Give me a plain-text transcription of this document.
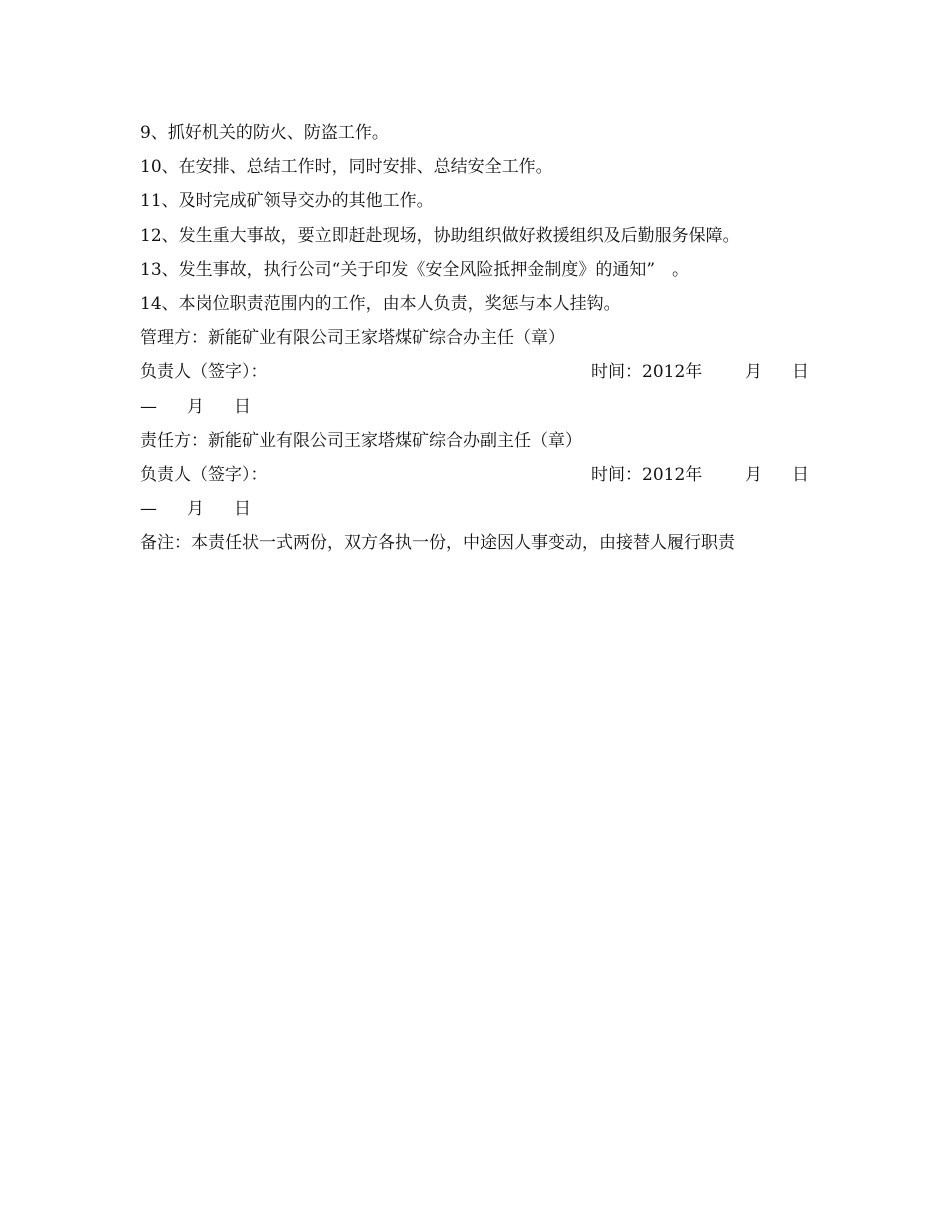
9、抓好机关的防火、防盗工作。
10、在安排、总结工作时，同时安排、总结安全工作。
11、及时完成矿领导交办的其他工作。
12、发生重大事故，要立即赶赴现场，协助组织做好救援组织及后勤服务保障。
13、发生事故，执行公司“关于印发《安全风险抵押金制度》的通知”　。
14、本岗位职责范围内的工作，由本人负责，奖惩与本人挂钩。
管理方：新能矿业有限公司王家塔煤矿综合办主任（章）
负责人（签字）：	时间：2012年	月 日
— 月 日
责任方：新能矿业有限公司王家塔煤矿综合办副主任（章）
负责人（签字）：	时间：2012年	月 日
— 月 日
备注：本责任状一式两份，双方各执一份，中途因人事变动，由接替人履行职责
